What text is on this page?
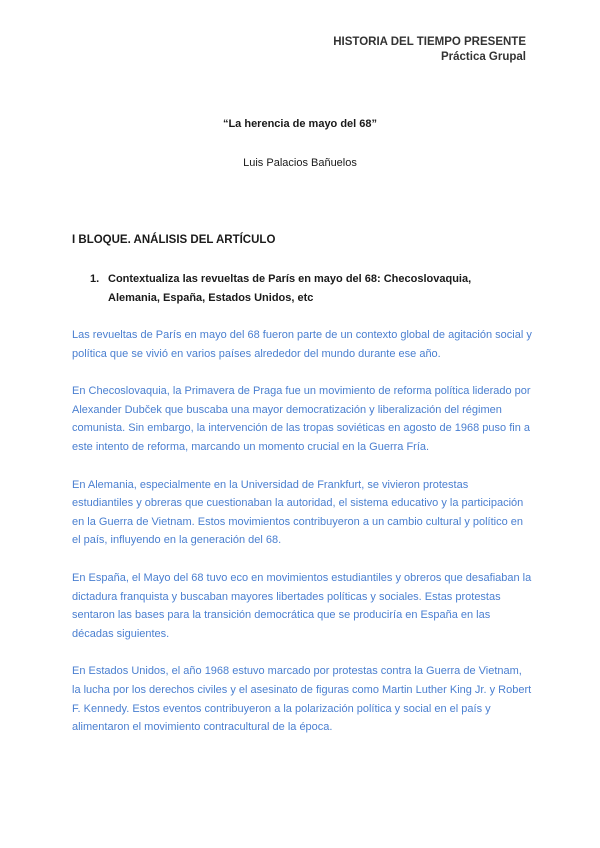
HISTORIA DEL TIEMPO PRESENTE
Práctica Grupal
“La herencia de mayo del 68”
Luis Palacios Bañuelos
I BLOQUE. ANÁLISIS DEL ARTÍCULO
1. Contextualiza las revueltas de París en mayo del 68: Checoslovaquia,
Alemania, España, Estados Unidos, etc

Las revueltas de París en mayo del 68 fueron parte de un contexto global de agitación social y política que se vivió en varios países alrededor del mundo durante ese año.

En Checoslovaquia, la Primavera de Praga fue un movimiento de reforma política liderado por Alexander Dubček que buscaba una mayor democratización y liberalización del régimen comunista. Sin embargo, la intervención de las tropas soviéticas en agosto de 1968 puso fin a este intento de reforma, marcando un momento crucial en la Guerra Fría.

En Alemania, especialmente en la Universidad de Frankfurt, se vivieron protestas estudiantiles y obreras que cuestionaban la autoridad, el sistema educativo y la participación en la Guerra de Vietnam. Estos movimientos contribuyeron a un cambio cultural y político en el país, influyendo en la generación del 68.

En España, el Mayo del 68 tuvo eco en movimientos estudiantiles y obreros que desafiaban la dictadura franquista y buscaban mayores libertades políticas y sociales. Estas protestas sentaron las bases para la transición democrática que se produciría en España en las décadas siguientes.

En Estados Unidos, el año 1968 estuvo marcado por protestas contra la Guerra de Vietnam, la lucha por los derechos civiles y el asesinato de figuras como Martin Luther King Jr. y Robert F. Kennedy. Estos eventos contribuyeron a la polarización política y social en el país y alimentaron el movimiento contracultural de la época.
